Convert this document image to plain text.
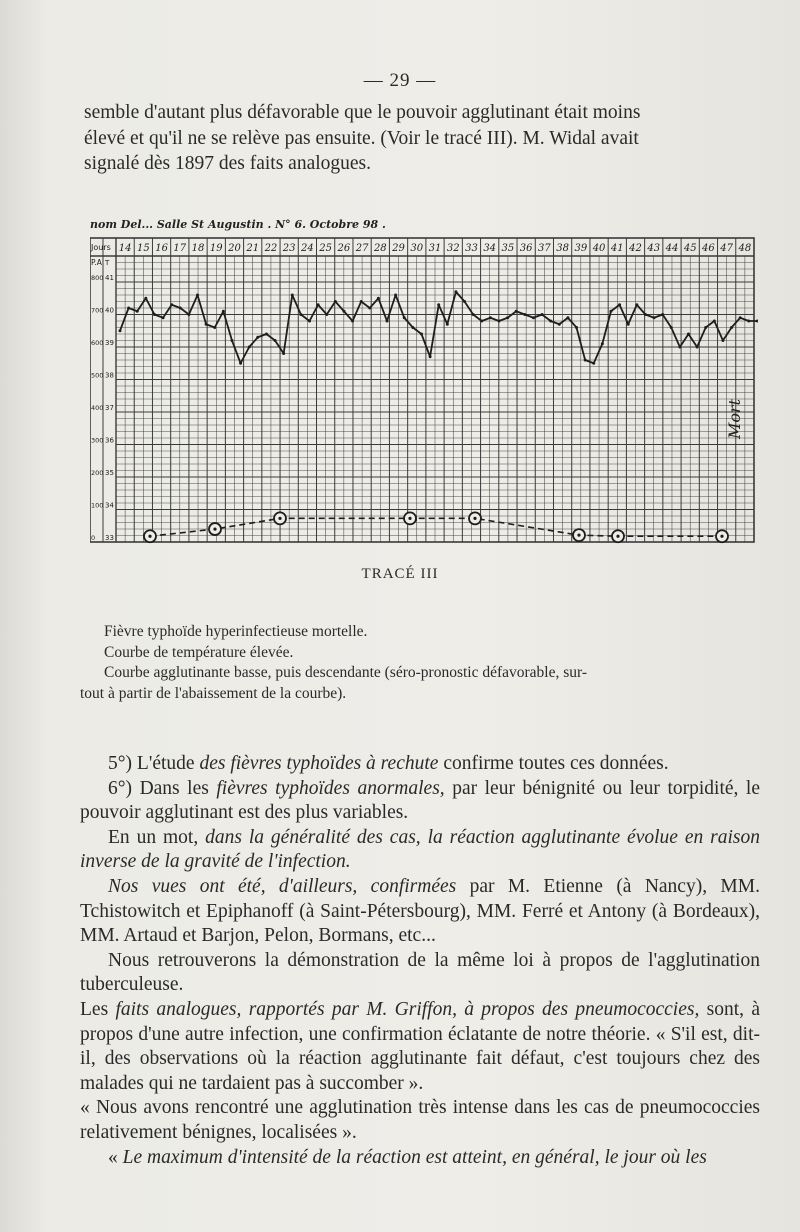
— 29 —

semble d'autant plus défavorable que le pouvoir agglutinant était moins

élevé et qu'il ne se relève pas ensuite. (Voir le tracé III). M. Widal avait

signalé dès 1897 des faits analogues.

nom Del... Salle St Augustin . N° 6. Octobre 98 .
Jours 14 15 16 17 18 19 20 21 22 23 24 25 26 27 28 29 30 31 32 33 34 35 36 37 38 39 40 41 42 43 44 45 46 47 48
P.A T
800 41
700 40
600 39
500 38
400 37
300 36
200 35
100 34
0 33
Mort
TRACÉ III

Fièvre typhoïde hyperinfectieuse mortelle.

Courbe de température élevée.

Courbe agglutinante basse, puis descendante (séro-pronostic défavorable, sur-

tout à partir de l'abaissement de la courbe).

5°) L'étude des fièvres typhoïdes à rechute confirme toutes ces données.

6°) Dans les fièvres typhoïdes anormales, par leur bénignité ou leur torpidité, le pouvoir agglutinant est des plus variables.

En un mot, dans la généralité des cas, la réaction agglutinante évolue en raison inverse de la gravité de l'infection.

Nos vues ont été, d'ailleurs, confirmées par M. Etienne (à Nancy), MM. Tchistowitch et Epiphanoff (à Saint-Pétersbourg), MM. Ferré et Antony (à Bordeaux), MM. Artaud et Barjon, Pelon, Bormans, etc...

Nous retrouverons la démonstration de la même loi à propos de l'agglutination tuberculeuse.

Les faits analogues, rapportés par M. Griffon, à propos des pneumococcies, sont, à propos d'une autre infection, une confirmation éclatante de notre théorie. « S'il est, dit-il, des observations où la réaction agglutinante fait défaut, c'est toujours chez des malades qui ne tardaient pas à succomber ».

« Nous avons rencontré une agglutination très intense dans les cas de pneumococcies relativement bénignes, localisées ».

« Le maximum d'intensité de la réaction est atteint, en général, le jour où les
